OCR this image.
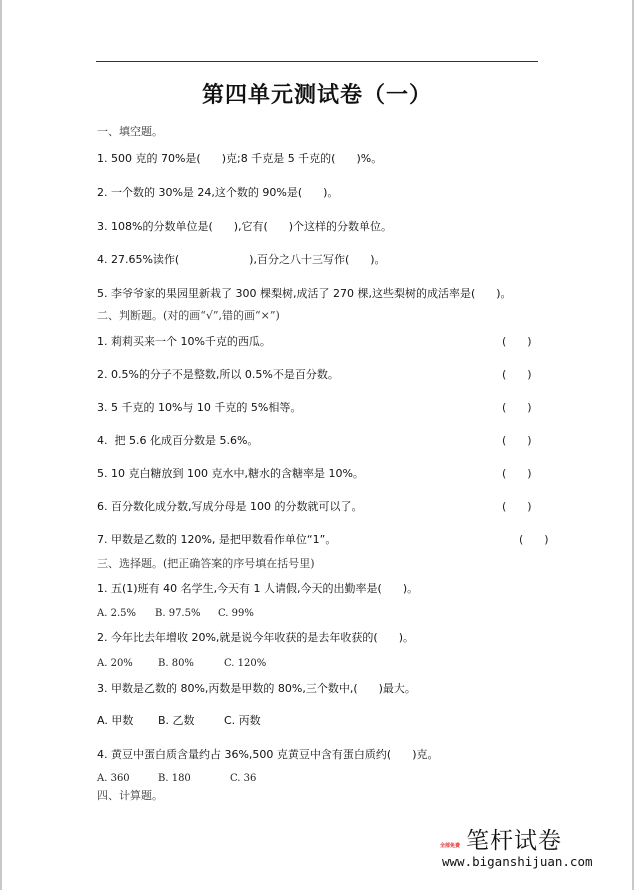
第四单元测试卷（一）
一、填空题。
1. 500 克的 70%是(      )克;8 千克是 5 千克的(      )%。
2. 一个数的 30%是 24,这个数的 90%是(      )。
3. 108%的分数单位是(      ),它有(      )个这样的分数单位。
4. 27.65%读作(                    ),百分之八十三写作(      )。
5. 李爷爷家的果园里新栽了 300 棵梨树,成活了 270 棵,这些梨树的成活率是(      )。
二、判断题。(对的画“√”,错的画“×”)
1. 莉莉买来一个 10%千克的西瓜。	(      )
2. 0.5%的分子不是整数,所以 0.5%不是百分数。	(      )
3. 5 千克的 10%与 10 千克的 5%相等。	(      )
4.  把 5.6 化成百分数是 5.6%。	(      )
5. 10 克白糖放到 100 克水中,糖水的含糖率是 10%。	(      )
6. 百分数化成分数,写成分母是 100 的分数就可以了。	(      )
7. 甲数是乙数的 120%, 是把甲数看作单位“1”。	(      )
三、选择题。(把正确答案的序号填在括号里)
1. 五(1)班有 40 名学生,今天有 1 人请假,今天的出勤率是(      )。
A. 2.5% B. 97.5% C. 99%
2. 今年比去年增收 20%,就是说今年收获的是去年收获的(      )。
A. 20%	B. 80%	C. 120%
3. 甲数是乙数的 80%,丙数是甲数的 80%,三个数中,(      )最大。
A. 甲数 B. 乙数	C. 丙数
4. 黄豆中蛋白质含量约占 36%,500 克黄豆中含有蛋白质约(      )克。
A. 360	B. 180	C. 36
四、计算题。
笔杆试卷
全部免费
www.biganshijuan.com
